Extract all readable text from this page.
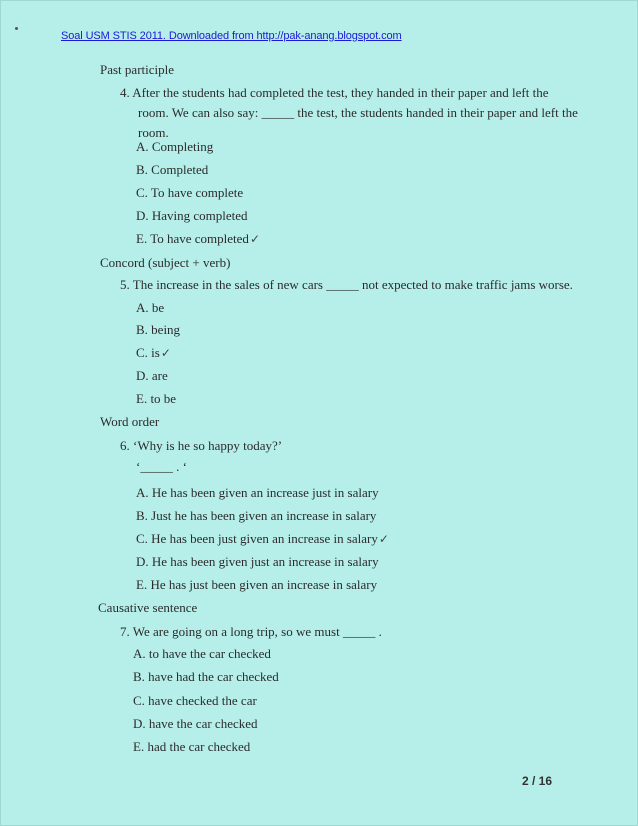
Soal USM STIS 2011. Downloaded from http://pak-anang.blogspot.com
Past participle
4. After the students had completed the test, they handed in their paper and left the
room. We can also say: _____ the test, the students handed in their paper and left the
room.
A. Completing
B. Completed
C. To have complete
D. Having completed
E. To have completed✓
Concord (subject + verb)
5. The increase in the sales of new cars _____ not expected to make traffic jams worse.
A. be
B. being
C. is✓
D. are
E. to be
Word order
6. ‘Why is he so happy today?’
‘_____ . ‘
A. He has been given an increase just in salary
B. Just he has been given an increase in salary
C. He has been just given an increase in salary✓
D. He has been given just an increase in salary
E. He has just been given an increase in salary
Causative sentence
7. We are going on a long trip, so we must _____ .
A. to have the car checked
B. have had the car checked
C. have checked the car
D. have the car checked
E. had the car checked
2 / 16
